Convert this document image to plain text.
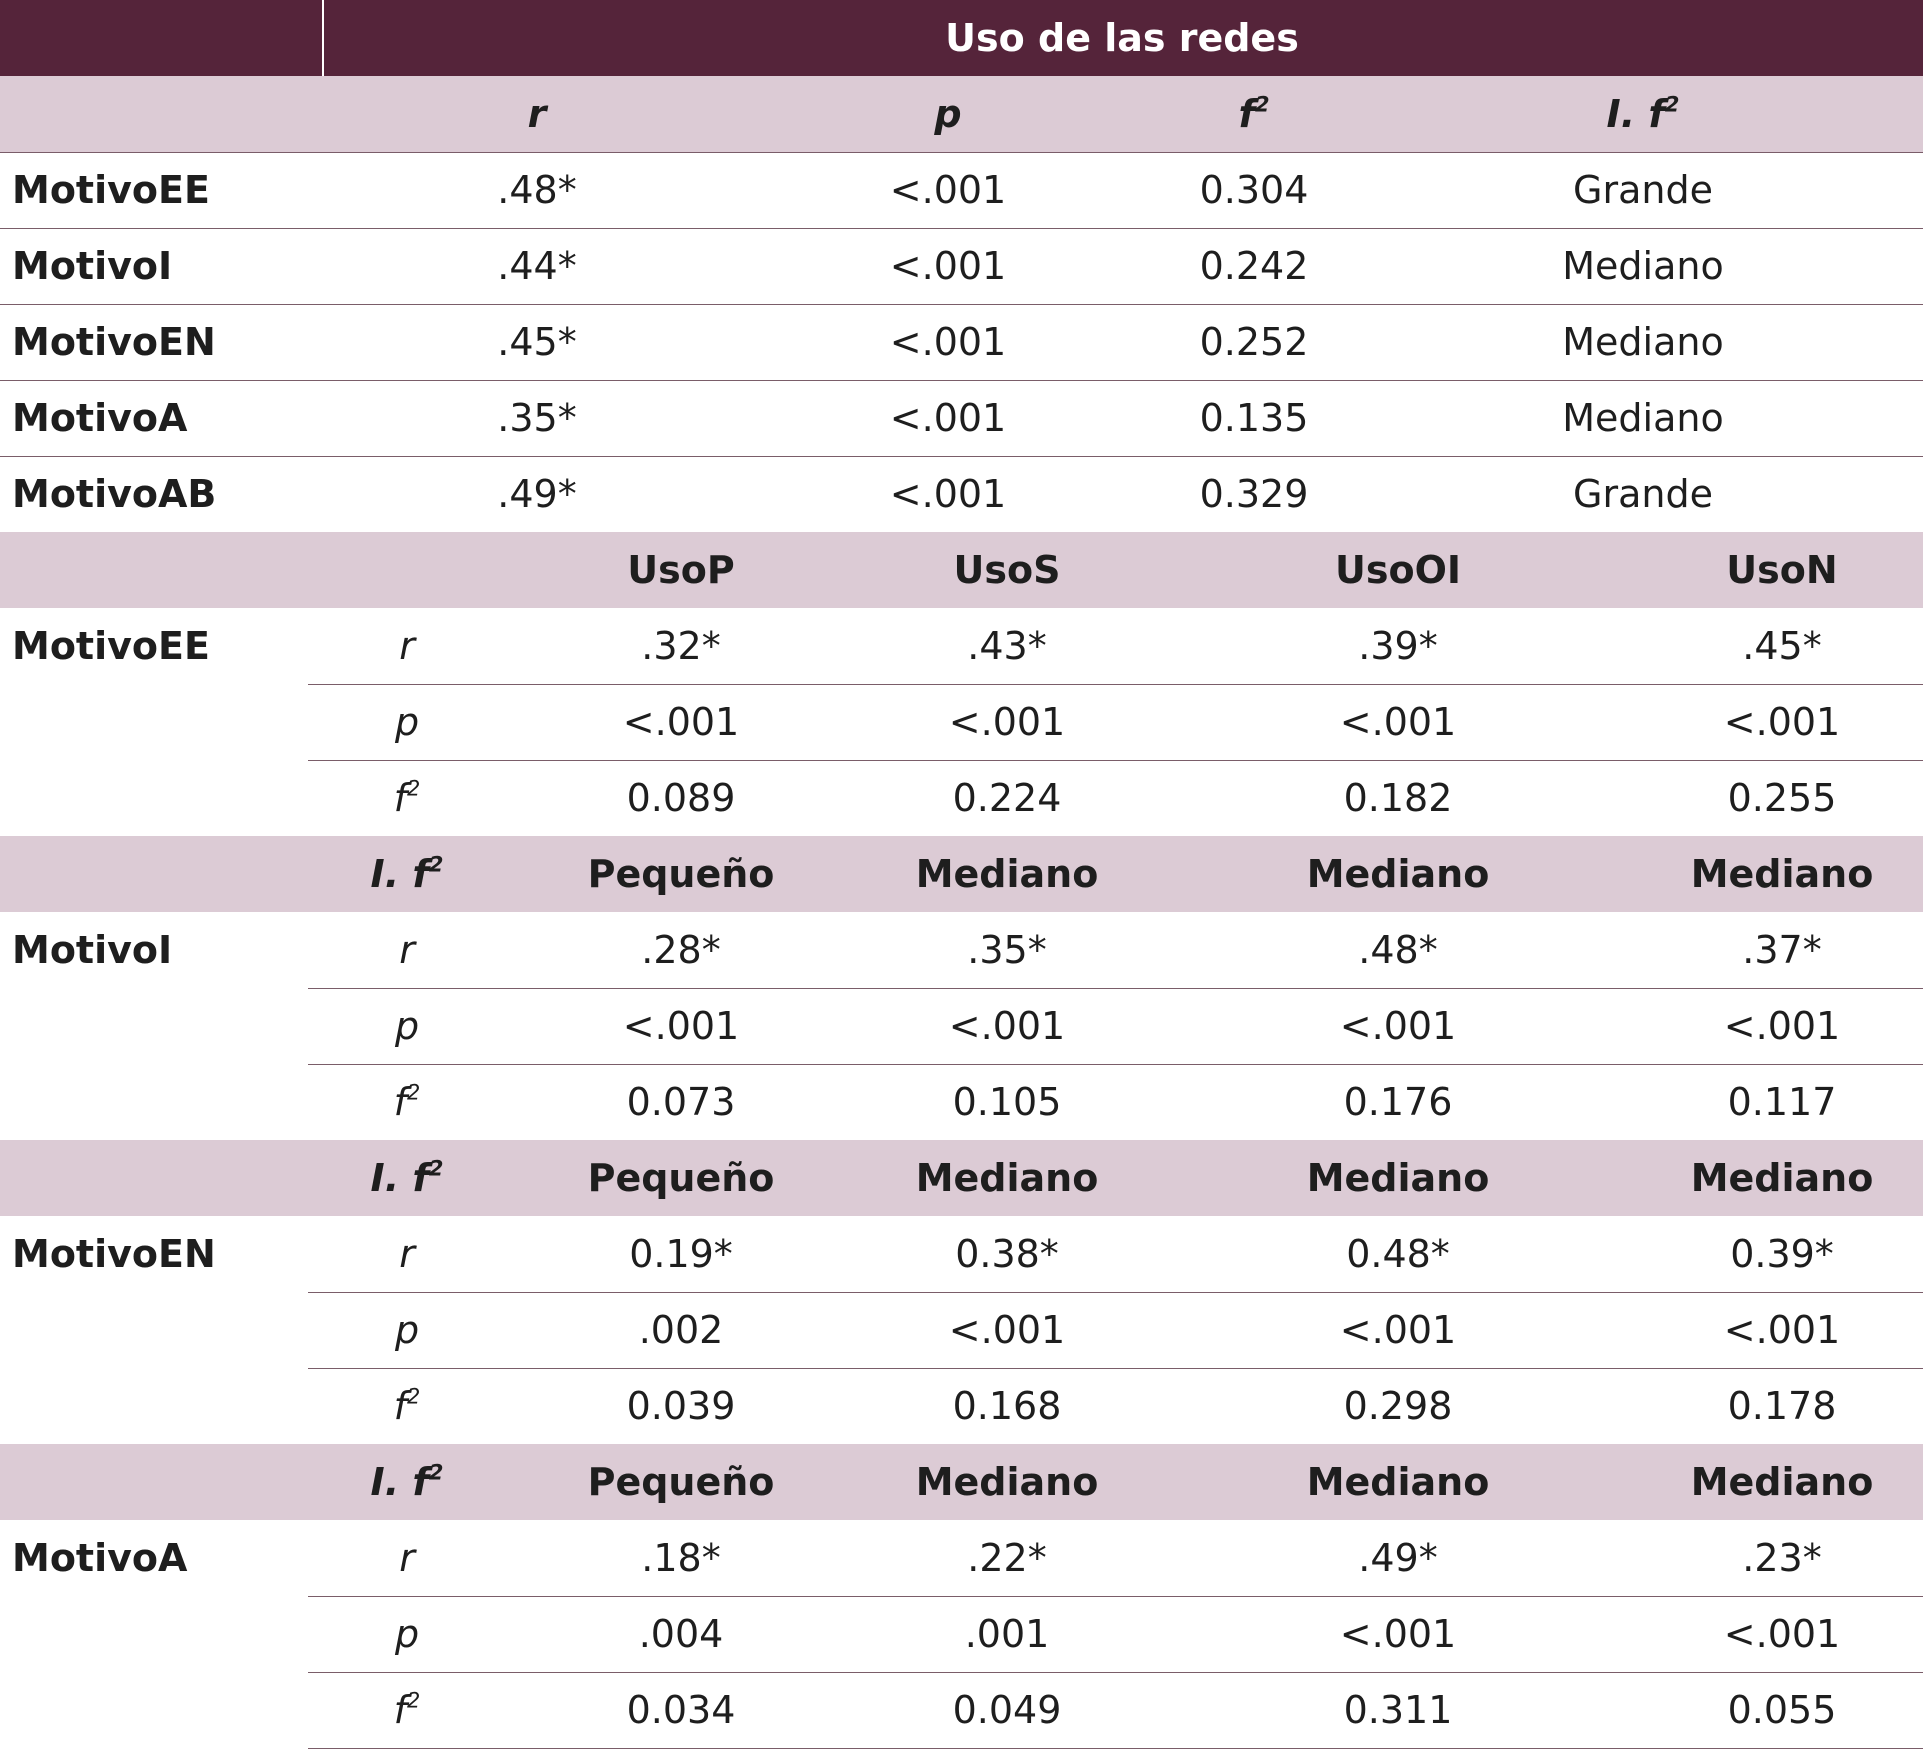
Uso de las redes
r	p	$f^2$	I. $f^2$
MotivoEE	.48*	<.001	0.304	Grande
MotivoI	.44*	<.001	0.242	Mediano
MotivoEN	.45*	<.001	0.252	Mediano
MotivoA	.35*	<.001	0.135	Mediano
MotivoAB	.49*	<.001	0.329	Grande
UsoP	UsoS	UsoOI	UsoN
MotivoEE	r	.32*	.43*	.39*	.45*
p	<.001	<.001	<.001	<.001
$f^2$	0.089	0.224	0.182	0.255
I. $f^2$	Pequeño	Mediano	Mediano	Mediano
MotivoI	r	.28*	.35*	.48*	.37*
p	<.001	<.001	<.001	<.001
$f^2$	0.073	0.105	0.176	0.117
I. $f^2$	Pequeño	Mediano	Mediano	Mediano
MotivoEN	r	0.19*	0.38*	0.48*	0.39*
p	.002	<.001	<.001	<.001
$f^2$	0.039	0.168	0.298	0.178
I. $f^2$	Pequeño	Mediano	Mediano	Mediano
MotivoA	r	.18*	.22*	.49*	.23*
p	.004	.001	<.001	<.001
$f^2$	0.034	0.049	0.311	0.055
